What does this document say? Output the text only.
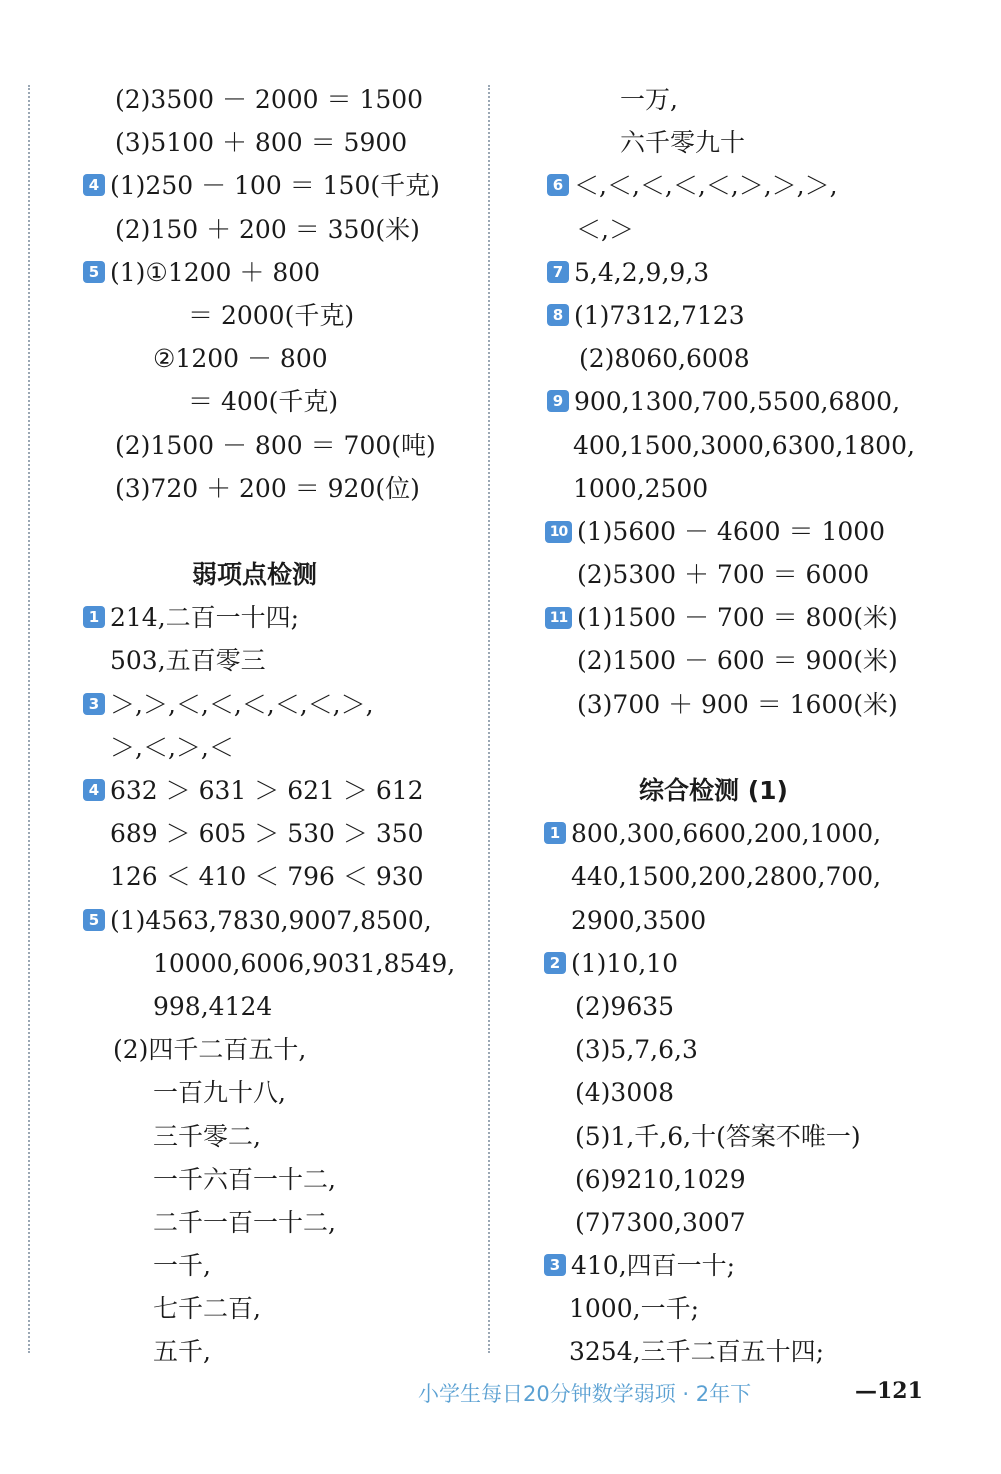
(2)3500 － 2000 ＝ 1500
(3)5100 ＋ 800 ＝ 5900
4 (1)250 － 100 ＝ 150(千克)
(2)150 ＋ 200 ＝ 350(米)
5 (1)①1200 ＋ 800
＝ 2000(千克)
②1200 － 800
＝ 400(千克)
(2)1500 － 800 ＝ 700(吨)
(3)720 ＋ 200 ＝ 920(位)
弱项点检测
1 214,二百一十四;
503,五百零三
3 ＞,＞,＜,＜,＜,＜,＜,＞,
＞,＜,＞,＜
4 632 ＞ 631 ＞ 621 ＞ 612
689 ＞ 605 ＞ 530 ＞ 350
126 ＜ 410 ＜ 796 ＜ 930
5 (1)4563,7830,9007,8500,
10000,6006,9031,8549,
998,4124
(2)四千二百五十,
一百九十八,
三千零二,
一千六百一十二,
二千一百一十二,
一千,
七千二百,
五千,
一万,
六千零九十
6 ＜,＜,＜,＜,＜,＞,＞,＞,
＜,＞
7 5,4,2,9,9,3
8 (1)7312,7123
(2)8060,6008
9 900,1300,700,5500,6800,
400,1500,3000,6300,1800,
1000,2500
10 (1)5600 － 4600 ＝ 1000
(2)5300 ＋ 700 ＝ 6000
11 (1)1500 － 700 ＝ 800(米)
(2)1500 － 600 ＝ 900(米)
(3)700 ＋ 900 ＝ 1600(米)
综合检测 (1)
1 800,300,6600,200,1000,
440,1500,200,2800,700,
2900,3500
2 (1)10,10
(2)9635
(3)5,7,6,3
(4)3008
(5)1,千,6,十(答案不唯一)
(6)9210,1029
(7)7300,3007
3 410,四百一十;
1000,一千;
3254,三千二百五十四;
小学生每日20分钟数学弱项 · 2年下	—121
